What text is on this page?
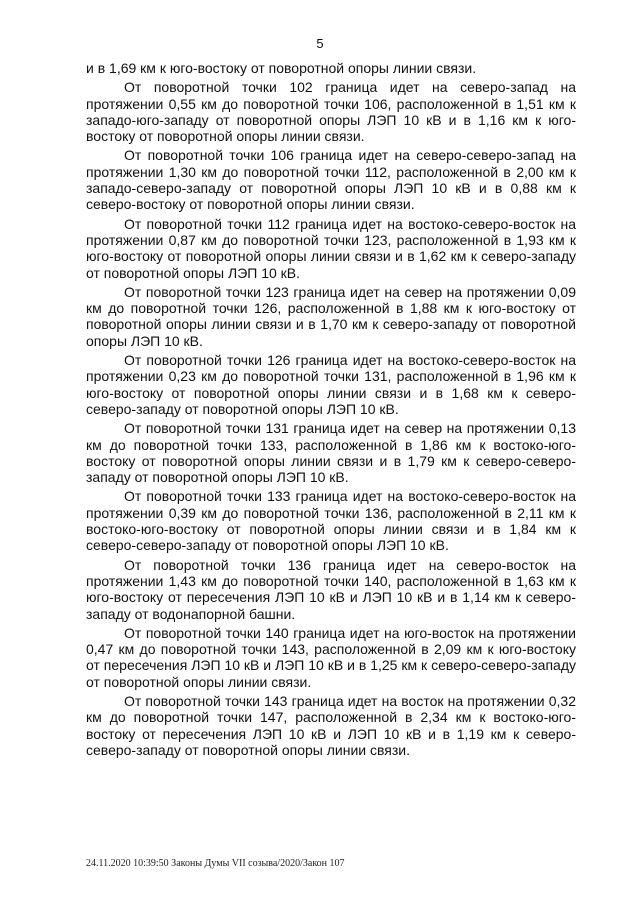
5

и в 1,69 км к юго-востоку от поворотной опоры линии связи.

От поворотной точки 102 граница идет на северо-запад на протяжении 0,55 км до поворотной точки 106, расположенной в 1,51 км к западо-юго-западу от поворотной опоры ЛЭП 10 кВ и в 1,16 км к юго-востоку от поворотной опоры линии связи.

От поворотной точки 106 граница идет на северо-северо-запад на протяжении 1,30 км до поворотной точки 112, расположенной в 2,00 км к западо-северо-западу от поворотной опоры ЛЭП 10 кВ и в 0,88 км к северо-востоку от поворотной опоры линии связи.

От поворотной точки 112 граница идет на востоко-северо-восток на протяжении 0,87 км до поворотной точки 123, расположенной в 1,93 км к юго-востоку от поворотной опоры линии связи и в 1,62 км к северо-западу от поворотной опоры ЛЭП 10 кВ.

От поворотной точки 123 граница идет на север на протяжении 0,09 км до поворотной точки 126, расположенной в 1,88 км к юго-востоку от поворотной опоры линии связи и в 1,70 км к северо-западу от поворотной опоры ЛЭП 10 кВ.

От поворотной точки 126 граница идет на востоко-северо-восток на протяжении 0,23 км до поворотной точки 131, расположенной в 1,96 км к юго-востоку от поворотной опоры линии связи и в 1,68 км к северо-северо-западу от поворотной опоры ЛЭП 10 кВ.

От поворотной точки 131 граница идет на север на протяжении 0,13 км до поворотной точки 133, расположенной в 1,86 км к востоко-юго-востоку от поворотной опоры линии связи и в 1,79 км к северо-северо-западу от поворотной опоры ЛЭП 10 кВ.

От поворотной точки 133 граница идет на востоко-северо-восток на протяжении 0,39 км до поворотной точки 136, расположенной в 2,11 км к востоко-юго-востоку от поворотной опоры линии связи и в 1,84 км к северо-северо-западу от поворотной опоры ЛЭП 10 кВ.

От поворотной точки 136 граница идет на северо-восток на протяжении 1,43 км до поворотной точки 140, расположенной в 1,63 км к юго-востоку от пересечения ЛЭП 10 кВ и ЛЭП 10 кВ и в 1,14 км к северо-западу от водонапорной башни.

От поворотной точки 140 граница идет на юго-восток на протяжении 0,47 км до поворотной точки 143, расположенной в 2,09 км к юго-востоку от пересечения ЛЭП 10 кВ и ЛЭП 10 кВ и в 1,25 км к северо-северо-западу от поворотной опоры линии связи.

От поворотной точки 143 граница идет на восток на протяжении 0,32 км до поворотной точки 147, расположенной в 2,34 км к востоко-юго-востоку от пересечения ЛЭП 10 кВ и ЛЭП 10 кВ и в 1,19 км к северо-северо-западу от поворотной опоры линии связи.

24.11.2020 10:39:50 Законы Думы VII созыва/2020/Закон 107
